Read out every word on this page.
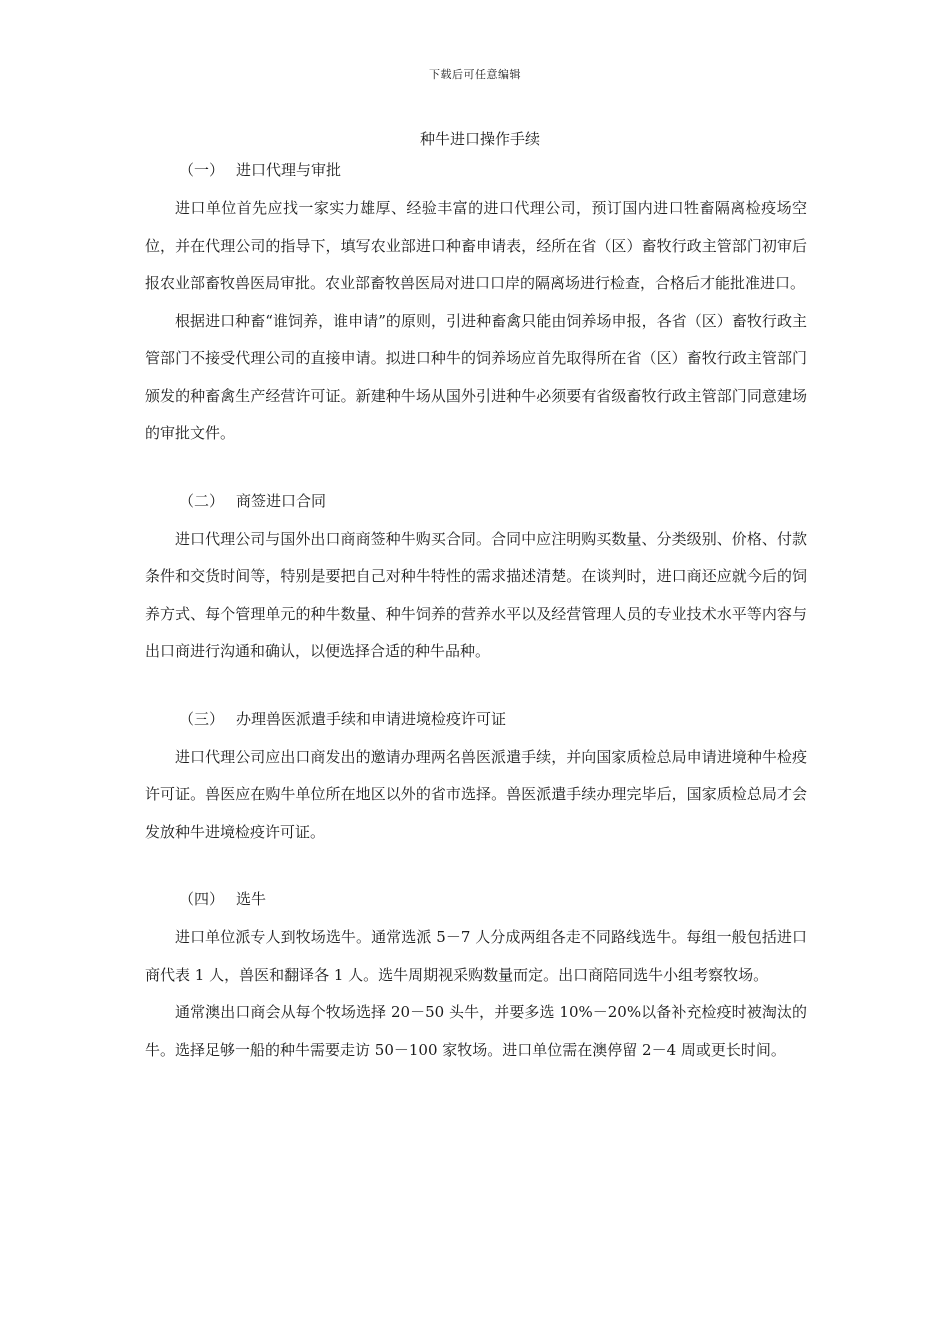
下载后可任意编辑
种牛进口操作手续
（一） 进口代理与审批

进口单位首先应找一家实力雄厚、经验丰富的进口代理公司，预订国内进口牲畜隔离检疫场空位，并在代理公司的指导下，填写农业部进口种畜申请表，经所在省（区）畜牧行政主管部门初审后报农业部畜牧兽医局审批。农业部畜牧兽医局对进口口岸的隔离场进行检查，合格后才能批准进口。

根据进口种畜“谁饲养，谁申请”的原则，引进种畜禽只能由饲养场申报，各省（区）畜牧行政主管部门不接受代理公司的直接申请。拟进口种牛的饲养场应首先取得所在省（区）畜牧行政主管部门颁发的种畜禽生产经营许可证。新建种牛场从国外引进种牛必须要有省级畜牧行政主管部门同意建场的审批文件。

（二） 商签进口合同

进口代理公司与国外出口商商签种牛购买合同。合同中应注明购买数量、分类级别、价格、付款条件和交货时间等，特别是要把自己对种牛特性的需求描述清楚。在谈判时，进口商还应就今后的饲养方式、每个管理单元的种牛数量、种牛饲养的营养水平以及经营管理人员的专业技术水平等内容与出口商进行沟通和确认，以便选择合适的种牛品种。

（三） 办理兽医派遣手续和申请进境检疫许可证

进口代理公司应出口商发出的邀请办理两名兽医派遣手续，并向国家质检总局申请进境种牛检疫许可证。兽医应在购牛单位所在地区以外的省市选择。兽医派遣手续办理完毕后，国家质检总局才会发放种牛进境检疫许可证。

（四） 选牛

进口单位派专人到牧场选牛。通常选派 5－7 人分成两组各走不同路线选牛。每组一般包括进口商代表 1 人，兽医和翻译各 1 人。选牛周期视采购数量而定。出口商陪同选牛小组考察牧场。

通常澳出口商会从每个牧场选择 20－50 头牛，并要多选 10%－20%以备补充检疫时被淘汰的牛。选择足够一船的种牛需要走访 50－100 家牧场。进口单位需在澳停留 2－4 周或更长时间。
